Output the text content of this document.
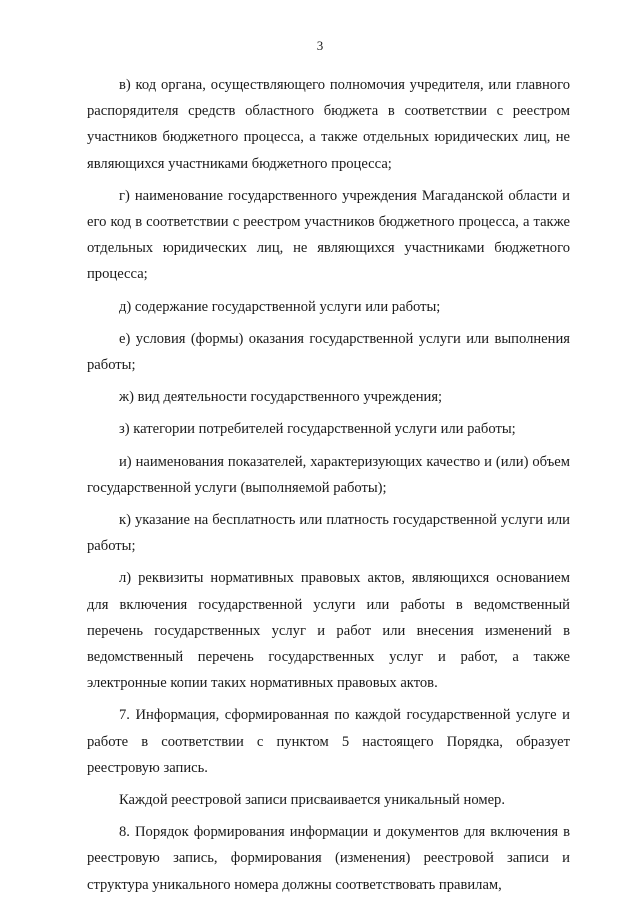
3

в) код органа, осуществляющего полномочия учредителя, или главного распорядителя средств областного бюджета в соответствии с реестром участников бюджетного процесса, а также отдельных юридических лиц, не являющихся участниками бюджетного процесса;

г) наименование государственного учреждения Магаданской области и его код в соответствии с реестром участников бюджетного процесса, а также отдельных юридических лиц, не являющихся участниками бюджетного процесса;

д) содержание государственной услуги или работы;

е) условия (формы) оказания государственной услуги или выполнения работы;

ж) вид деятельности государственного учреждения;

з) категории потребителей государственной услуги или работы;

и) наименования показателей, характеризующих качество и (или) объем государственной услуги (выполняемой работы);

к) указание на бесплатность или платность государственной услуги или работы;

л) реквизиты нормативных правовых актов, являющихся основанием для включения государственной услуги или работы в ведомственный перечень государственных услуг и работ или внесения изменений в ведомственный перечень государственных услуг и работ, а также электронные копии таких нормативных правовых актов.

7. Информация, сформированная по каждой государственной услуге и работе в соответствии с пунктом 5 настоящего Порядка, образует реестровую запись.

Каждой реестровой записи присваивается уникальный номер.

8. Порядок формирования информации и документов для включения в реестровую запись, формирования (изменения) реестровой записи и структура уникального номера должны соответствовать правилам,
